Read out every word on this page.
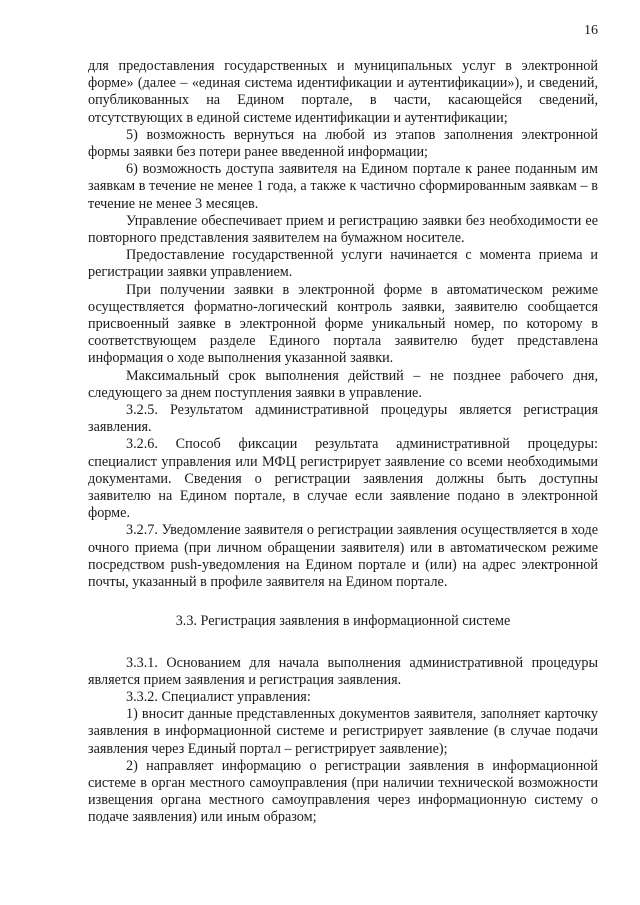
16

для предоставления государственных и муниципальных услуг в электронной форме» (далее – «единая система идентификации и аутентификации»), и сведений, опубликованных на Едином портале, в части, касающейся сведений, отсутствующих в единой системе идентификации и аутентификации;

5) возможность вернуться на любой из этапов заполнения электронной формы заявки без потери ранее введенной информации;

6) возможность доступа заявителя на Едином портале к ранее поданным им заявкам в течение не менее 1 года, а также к частично сформированным заявкам – в течение не менее 3 месяцев.

Управление обеспечивает прием и регистрацию заявки без необходимости ее повторного представления заявителем на бумажном носителе.

Предоставление государственной услуги начинается с момента приема и регистрации заявки управлением.

При получении заявки в электронной форме в автоматическом режиме осуществляется форматно-логический контроль заявки, заявителю сообщается присвоенный заявке в электронной форме уникальный номер, по которому в соответствующем разделе Единого портала заявителю будет представлена информация о ходе выполнения указанной заявки.

Максимальный срок выполнения действий – не позднее рабочего дня, следующего за днем поступления заявки в управление.

3.2.5. Результатом административной процедуры является регистрация заявления.

3.2.6. Способ фиксации результата административной процедуры: специалист управления или МФЦ регистрирует заявление со всеми необходимыми документами. Сведения о регистрации заявления должны быть доступны заявителю на Едином портале, в случае если заявление подано в электронной форме.

3.2.7. Уведомление заявителя о регистрации заявления осуществляется в ходе очного приема (при личном обращении заявителя) или в автоматическом режиме посредством push-уведомления на Едином портале и (или) на адрес электронной почты, указанный в профиле заявителя на Едином портале.

3.3. Регистрация заявления в информационной системе

3.3.1. Основанием для начала выполнения административной процедуры является прием заявления и регистрация заявления.

3.3.2. Специалист управления:

1) вносит данные представленных документов заявителя, заполняет карточку заявления в информационной системе и регистрирует заявление (в случае подачи заявления через Единый портал – регистрирует заявление);

2) направляет информацию о регистрации заявления в информационной системе в орган местного самоуправления (при наличии технической возможности извещения органа местного самоуправления через информационную систему о подаче заявления) или иным образом;
